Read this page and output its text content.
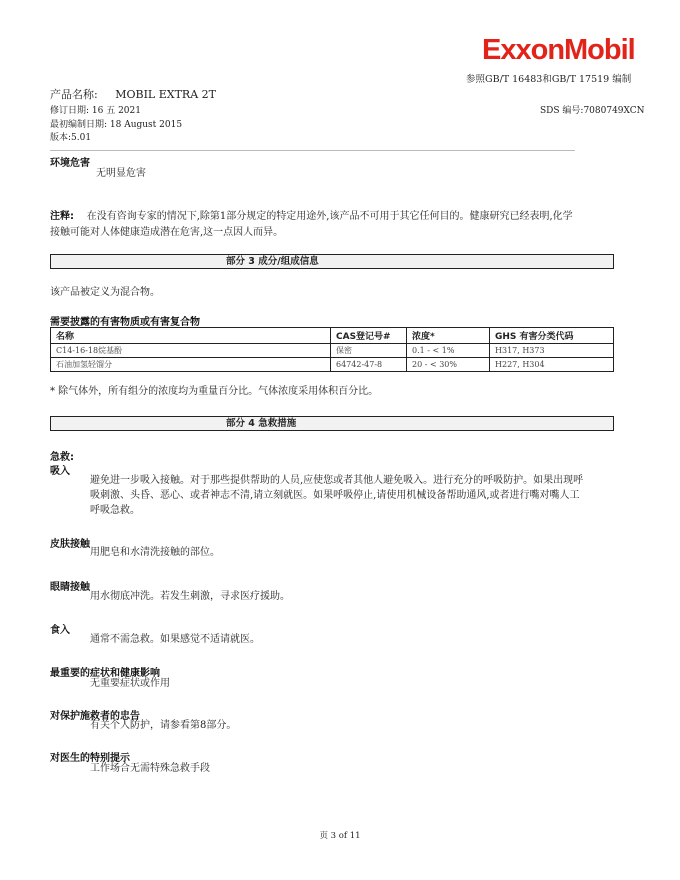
ExxonMobil
参照GB/T 16483和GB/T 17519 编制
产品名称: MOBIL EXTRA 2T
修订日期: 16 五 2021	SDS 编号:7080749XCN
最初编制日期: 18 August 2015
版本:5.01
环境危害
无明显危害
注释: 在没有咨询专家的情况下,除第1部分规定的特定用途外,该产品不可用于其它任何目的。健康研究已经表明,化学
接触可能对人体健康造成潜在危害,这一点因人而异。
部分 3 成分/组成信息
该产品被定义为混合物。
需要披露的有害物质或有害复合物
名称	CAS登记号#	浓度*	GHS 有害分类代码
C14-16-18烷基酚	保密	0.1 - < 1%	H317, H373
石油加氢轻馏分	64742-47-8	20 - < 30%	H227, H304
* 除气体外，所有组分的浓度均为重量百分比。气体浓度采用体积百分比。
部分 4 急救措施
急救:
吸入
避免进一步吸入接触。对于那些提供帮助的人员,应使您或者其他人避免吸入。进行充分的呼吸防护。如果出现呼
吸刺激、头昏、恶心、或者神志不清,请立刻就医。如果呼吸停止,请使用机械设备帮助通风,或者进行嘴对嘴人工
呼吸急救。
皮肤接触
用肥皂和水清洗接触的部位。
眼睛接触
用水彻底冲洗。若发生刺激，寻求医疗援助。
食入
通常不需急救。如果感觉不适请就医。
最重要的症状和健康影响
无重要症状或作用
对保护施救者的忠告
有关个人防护，请参看第8部分。
对医生的特别提示
工作场合无需特殊急救手段
页 3 of 11
